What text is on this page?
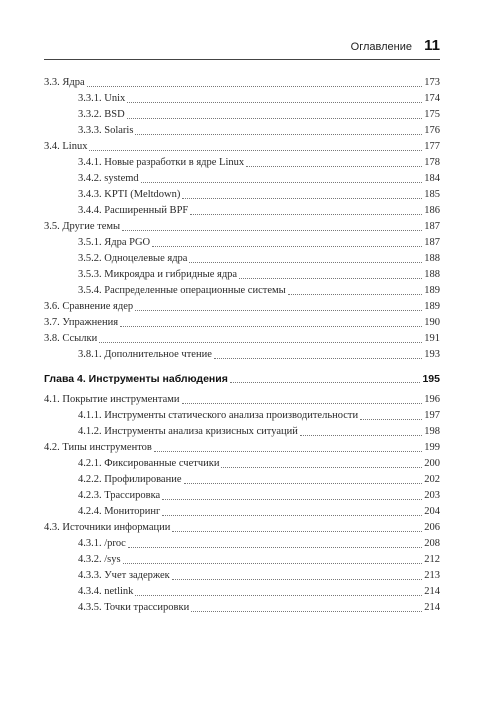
Оглавление 11
3.3. Ядра	173
3.3.1. Unix	174
3.3.2. BSD	175
3.3.3. Solaris	176
3.4. Linux	177
3.4.1. Новые разработки в ядре Linux	178
3.4.2. systemd	184
3.4.3. KPTI (Meltdown)	185
3.4.4. Расширенный BPF	186
3.5. Другие темы	187
3.5.1. Ядра PGO	187
3.5.2. Одноцелевые ядра	188
3.5.3. Микроядра и гибридные ядра	188
3.5.4. Распределенные операционные системы	189
3.6. Сравнение ядер	189
3.7. Упражнения	190
3.8. Ссылки	191
3.8.1. Дополнительное чтение	193
Глава 4. Инструменты наблюдения	195
4.1. Покрытие инструментами	196
4.1.1. Инструменты статического анализа производительности	197
4.1.2. Инструменты анализа кризисных ситуаций	198
4.2. Типы инструментов	199
4.2.1. Фиксированные счетчики	200
4.2.2. Профилирование	202
4.2.3. Трассировка	203
4.2.4. Мониторинг	204
4.3. Источники информации	206
4.3.1. /proc	208
4.3.2. /sys	212
4.3.3. Учет задержек	213
4.3.4. netlink	214
4.3.5. Точки трассировки	214
